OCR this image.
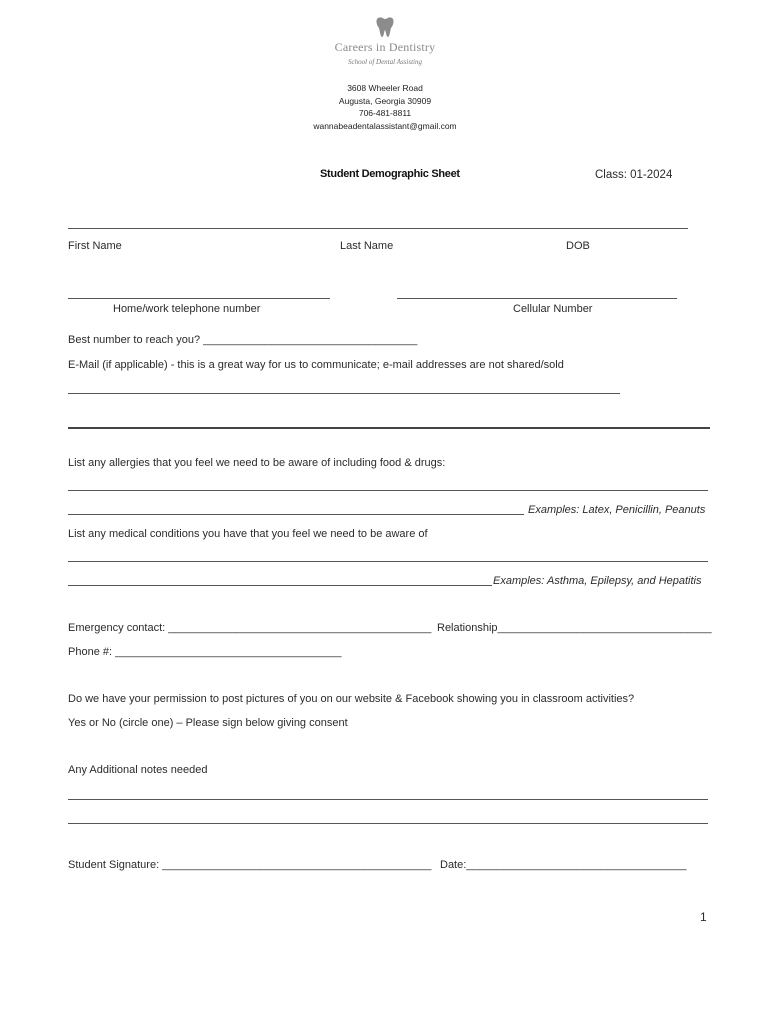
Careers in Dentistry
School of Dental Assisting
3608 Wheeler Road
Augusta, Georgia 30909
706-481-8811
wannabeadentalassistant@gmail.com
Student Demographic Sheet	Class: 01-2024
First Name	Last Name	DOB
Home/work telephone number	Cellular Number
Best number to reach you? ___________________________________
E-Mail (if applicable) - this is a great way for us to communicate; e-mail addresses are not shared/sold
List any allergies that you feel we need to be aware of including food & drugs:
Examples: Latex, Penicillin, Peanuts
List any medical conditions you have that you feel we need to be aware of
Examples: Asthma, Epilepsy, and Hepatitis
Emergency contact: ___________________________________________ Relationship___________________________________
Phone #: _____________________________________
Do we have your permission to post pictures of you on our website & Facebook showing you in classroom activities?
Yes or No (circle one) – Please sign below giving consent
Any Additional notes needed
Student Signature: ____________________________________________ Date:____________________________________
1
